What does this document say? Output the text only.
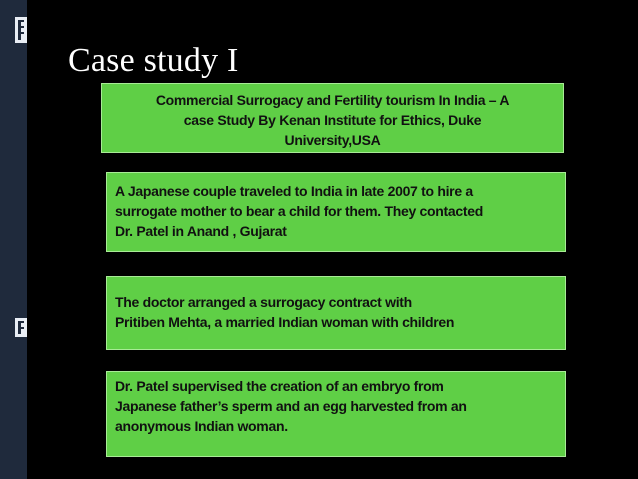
Case study I
Commercial Surrogacy and Fertility tourism In India – A
case Study By Kenan Institute for Ethics, Duke
University,USA
A Japanese couple traveled to India in late 2007 to hire a
surrogate mother to bear a child for them. They contacted
Dr. Patel in Anand , Gujarat
The doctor arranged a surrogacy contract with
Pritiben Mehta, a married Indian woman with children
Dr. Patel supervised the creation of an embryo from
Japanese father’s sperm and an egg harvested from an
anonymous Indian woman.
